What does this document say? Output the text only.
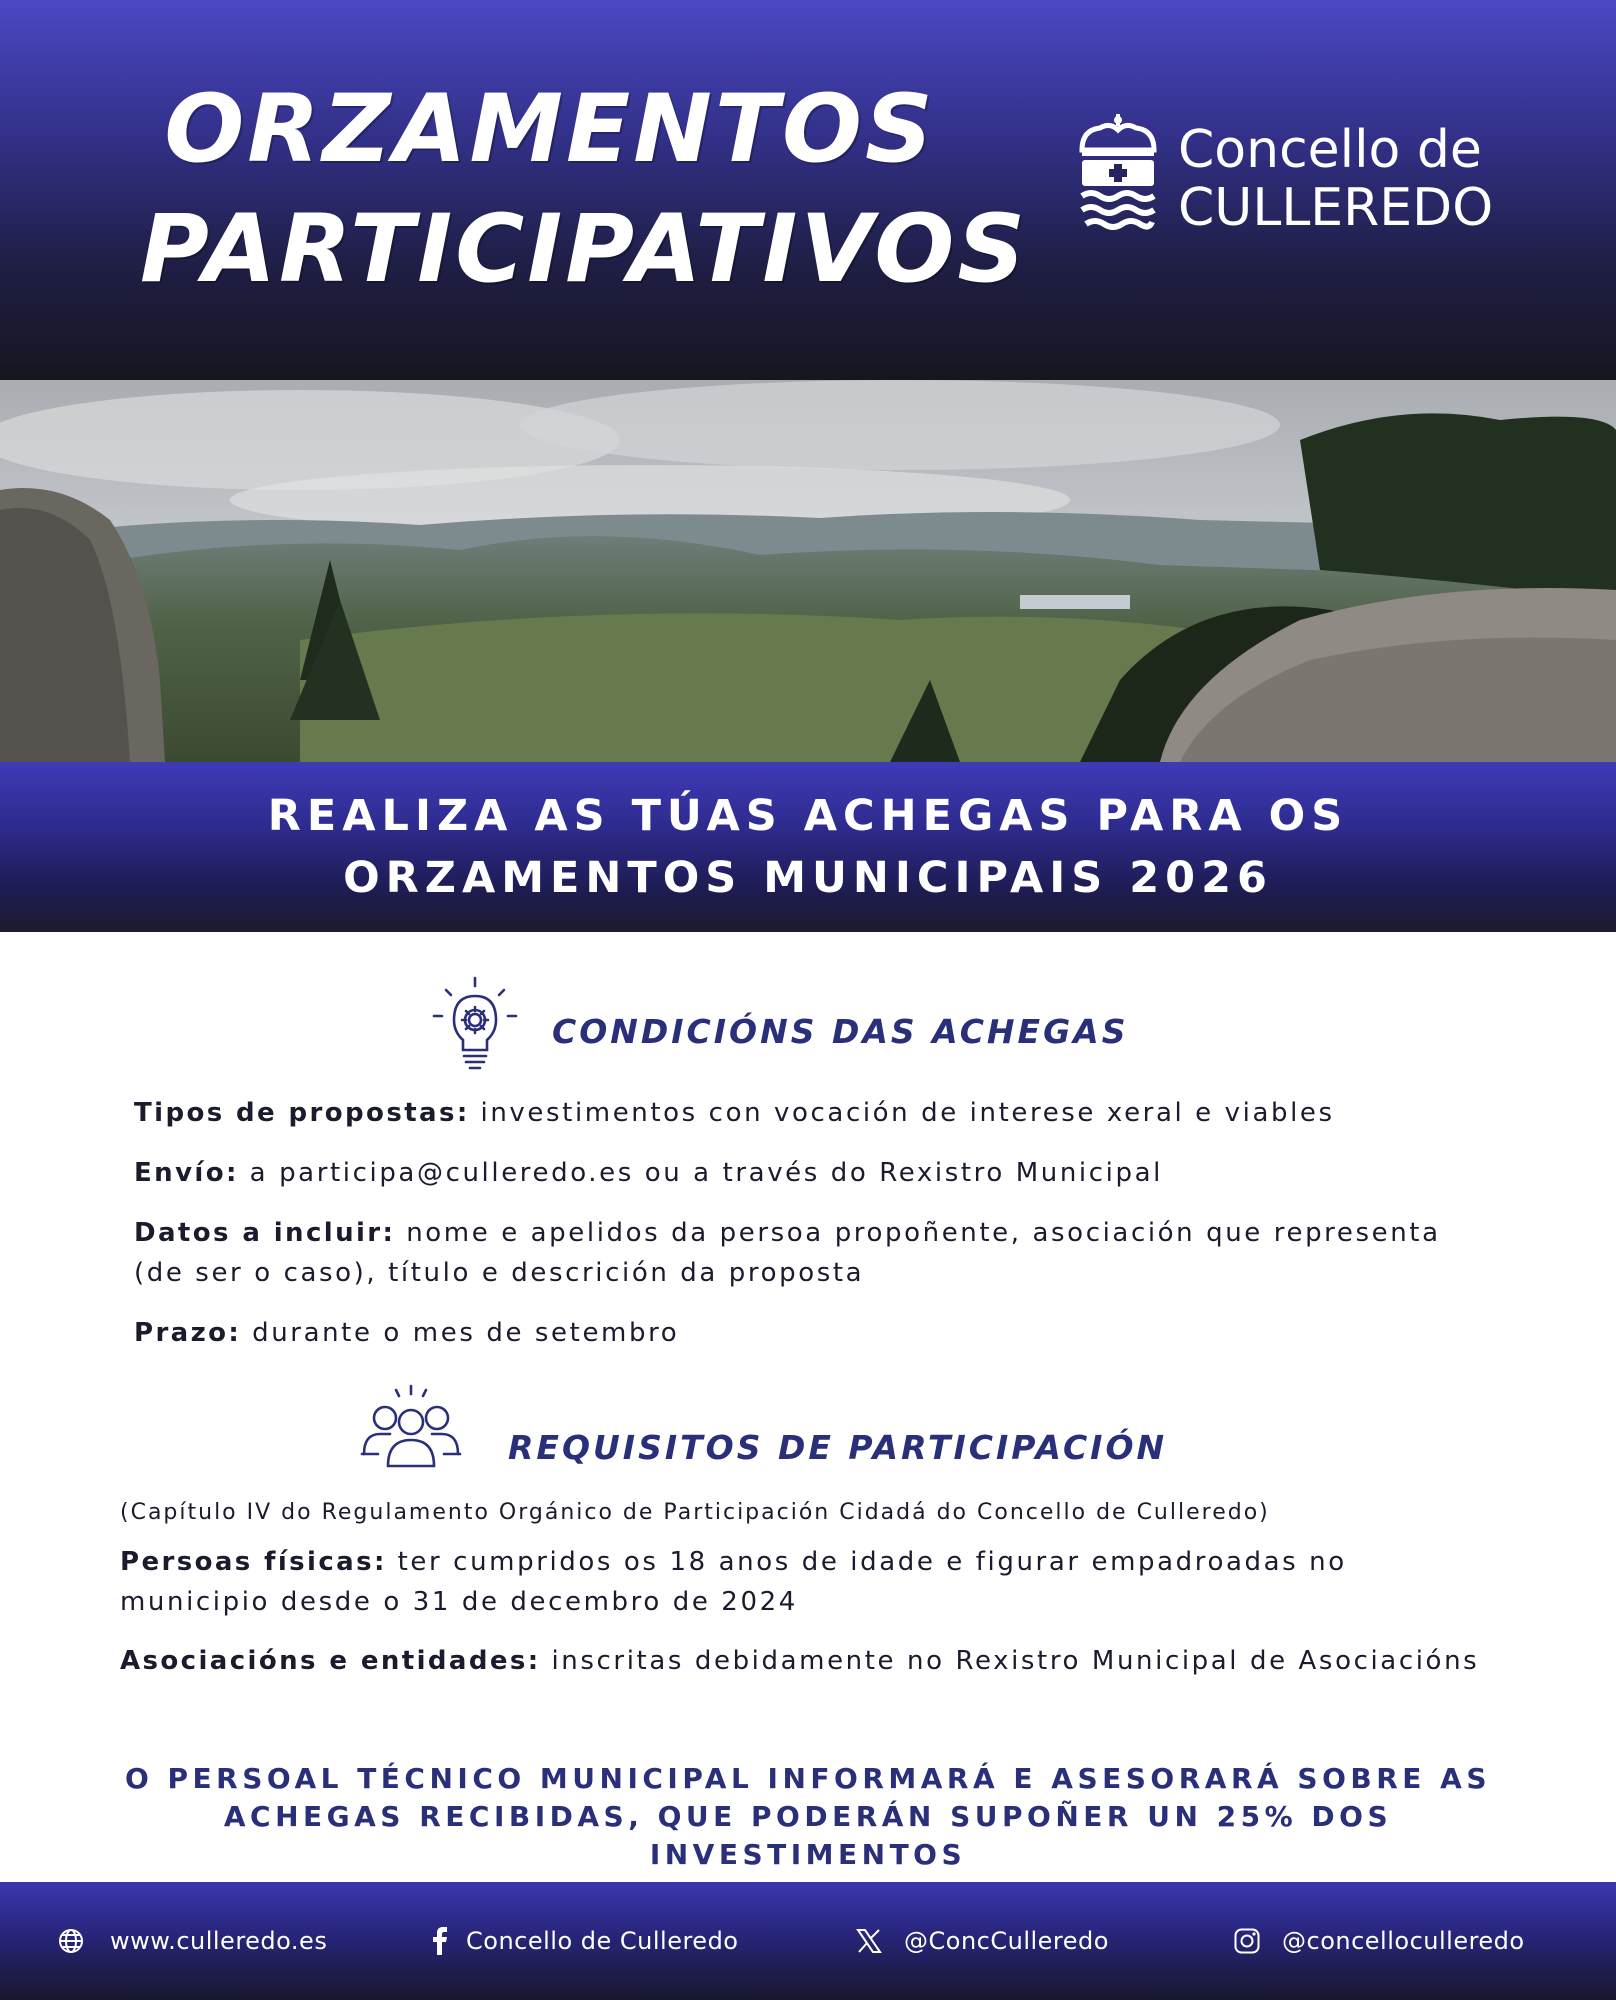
ORZAMENTOS
PARTICIPATIVOS
Concello de
CULLEREDO
REALIZA AS TÚAS ACHEGAS PARA OS
ORZAMENTOS MUNICIPAIS 2026
CONDICIÓNS DAS ACHEGAS
Tipos de propostas: investimentos con vocación de interese xeral e viables
Envío: a participa@culleredo.es ou a través do Rexistro Municipal
Datos a incluir: nome e apelidos da persoa propoñente, asociación que representa
(de ser o caso), título e descrición da proposta
Prazo: durante o mes de setembro
REQUISITOS DE PARTICIPACIÓN
(Capítulo IV do Regulamento Orgánico de Participación Cidadá do Concello de Culleredo)
Persoas físicas: ter cumpridos os 18 anos de idade e figurar empadroadas no
municipio desde o 31 de decembro de 2024
Asociacións e entidades: inscritas debidamente no Rexistro Municipal de Asociacións
O PERSOAL TÉCNICO MUNICIPAL INFORMARÁ E ASESORARÁ SOBRE AS
ACHEGAS RECIBIDAS, QUE PODERÁN SUPOÑER UN 25% DOS INVESTIMENTOS
www.culleredo.es	Concello de Culleredo	@ConcCulleredo	@concelloculleredo
